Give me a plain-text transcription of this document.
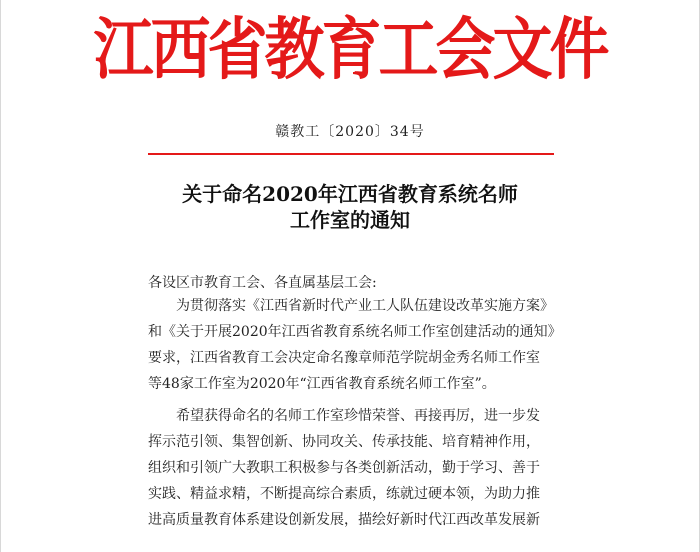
江西省教育工会文件
赣教工〔2020〕34号
关于命名2020年江西省教育系统名师
工作室的通知
各设区市教育工会、各直属基层工会:
为贯彻落实《江西省新时代产业工人队伍建设改革实施方案》
和《关于开展2020年江西省教育系统名师工作室创建活动的通知》
要求，江西省教育工会决定命名豫章师范学院胡金秀名师工作室
等48家工作室为2020年“江西省教育系统名师工作室”。
希望获得命名的名师工作室珍惜荣誉、再接再厉，进一步发
挥示范引领、集智创新、协同攻关、传承技能、培育精神作用，
组织和引领广大教职工积极参与各类创新活动，勤于学习、善于
实践、精益求精，不断提高综合素质，练就过硬本领，为助力推
进高质量教育体系建设创新发展，描绘好新时代江西改革发展新
